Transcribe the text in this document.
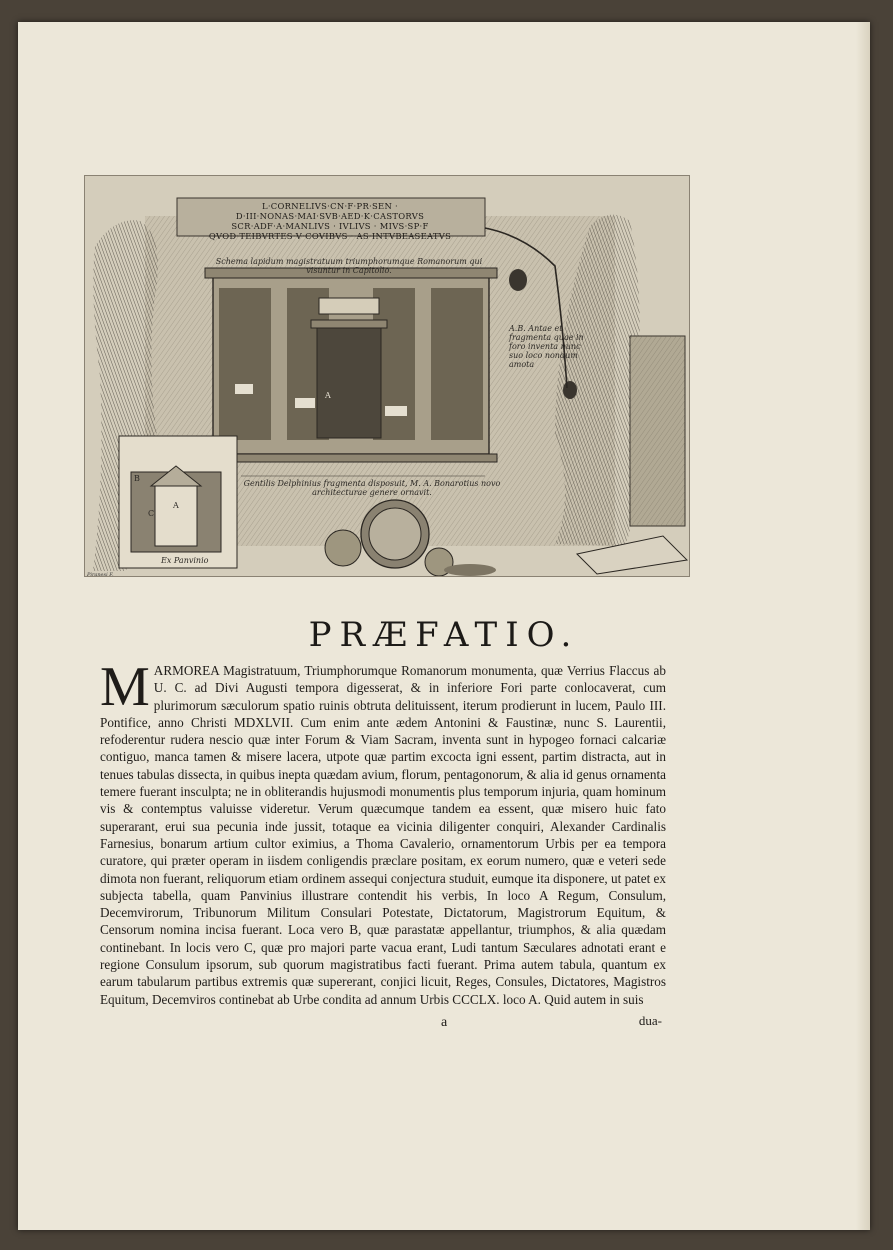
L·CORNELIVS·CN·F·PR·SEN · D·III·NONAS·MAI·SVB·AED·K·CASTORVS
SCR·ADF·A·MANLIVS · IVLIVS · MIVS·SP·F
QVOD·TEIBVRTES·V·COVIBVS · AS·INTVBEASEATVS
Schema lapidum magistratuum triumphorumque Romanorum qui visuntur in Capitolio.
A.B. Antae et fragmenta quae in foro inventa nunc suo loco nondum amota
Gentilis Delphinius fragmenta disposuit, M. A. Bonarotius novo architecturae genere ornavit.
Ex Panvinio
A
B
C
A
Piranesi F.
PRÆFATIO.
MARMOREA Magistratuum, Triumphorumque Romanorum monumenta, quæ Verrius Flaccus ab U. C. ad Divi Augusti tempora digesserat, & in inferiore Fori parte conlocaverat, cum plurimorum sæculorum spatio ruinis obtruta delituissent, iterum prodierunt in lucem, Paulo III. Pontifice, anno Christi MDXLVII. Cum enim ante ædem Antonini & Faustinæ, nunc S. Laurentii, refoderentur rudera nescio quæ inter Forum & Viam Sacram, inventa sunt in hypogeo fornaci calcariæ contiguo, manca tamen & misere lacera, utpote quæ partim excocta igni essent, partim distracta, aut in tenues tabulas dissecta, in quibus inepta quædam avium, florum, pentagonorum, & alia id genus ornamenta temere fuerant insculpta; ne in obliterandis hujusmodi monumentis plus temporum injuria, quam hominum vis & contemptus valuisse videretur. Verum quæcumque tandem ea essent, quæ misero huic fato superarant, erui sua pecunia inde jussit, totaque ea vicinia diligenter conquiri, Alexander Cardinalis Farnesius, bonarum artium cultor eximius, a Thoma Cavalerio, ornamentorum Urbis per ea tempora curatore, qui præter operam in iisdem conligendis præclare positam, ex eorum numero, quæ e veteri sede dimota non fuerant, reliquorum etiam ordinem assequi conjectura studuit, eumque ita disponere, ut patet ex subjecta tabella, quam Panvinius illustrare contendit his verbis, In loco A Regum, Consulum, Decemvirorum, Tribunorum Militum Consulari Potestate, Dictatorum, Magistrorum Equitum, & Censorum nomina incisa fuerant. Loca vero B, quæ parastatæ appellantur, triumphos, & alia quædam continebant. In locis vero C, quæ pro majori parte vacua erant, Ludi tantum Sæculares adnotati erant e regione Consulum ipsorum, sub quorum magistratibus facti fuerant. Prima autem tabula, quantum ex earum tabularum partibus extremis quæ supererant, conjici licuit, Reges, Consules, Dictatores, Magistros Equitum, Decemviros continebat ab Urbe condita ad annum Urbis CCCLX. loco A. Quid autem in suis
a	dua-
